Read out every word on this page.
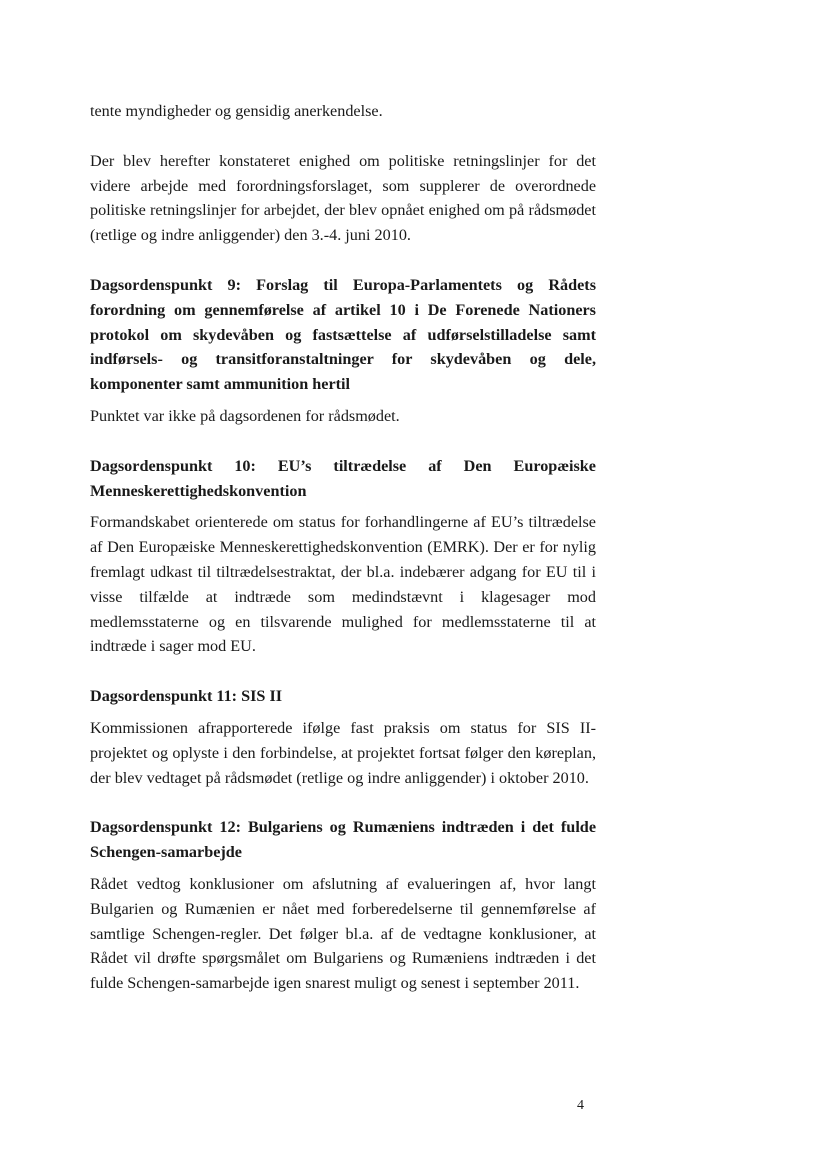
tente myndigheder og gensidig anerkendelse.

Der blev herefter konstateret enighed om politiske retningslinjer for det videre arbejde med forordningsforslaget, som supplerer de overordnede politiske retningslinjer for arbejdet, der blev opnået enighed om på rådsmødet (retlige og indre anliggender) den 3.-4. juni 2010.

Dagsordenspunkt 9: Forslag til Europa-Parlamentets og Rådets forordning om gennemførelse af artikel 10 i De Forenede Nationers protokol om skydevåben og fastsættelse af udførselstilladelse samt indførsels- og transitforanstaltninger for skydevåben og dele, komponenter samt ammunition hertil

Punktet var ikke på dagsordenen for rådsmødet.

Dagsordenspunkt 10: EU’s tiltrædelse af Den Europæiske Menneskerettighedskonvention

Formandskabet orienterede om status for forhandlingerne af EU’s tiltrædelse af Den Europæiske Menneskerettighedskonvention (EMRK). Der er for nylig fremlagt udkast til tiltrædelsestraktat, der bl.a. indebærer adgang for EU til i visse tilfælde at indtræde som medindstævnt i klagesager mod medlemsstaterne og en tilsvarende mulighed for medlemsstaterne til at indtræde i sager mod EU.

Dagsordenspunkt 11: SIS II

Kommissionen afrapporterede ifølge fast praksis om status for SIS II-projektet og oplyste i den forbindelse, at projektet fortsat følger den køreplan, der blev vedtaget på rådsmødet (retlige og indre anliggender) i oktober 2010.

Dagsordenspunkt 12: Bulgariens og Rumæniens indtræden i det fulde Schengen-samarbejde

Rådet vedtog konklusioner om afslutning af evalueringen af, hvor langt Bulgarien og Rumænien er nået med forberedelserne til gennemførelse af samtlige Schengen-regler. Det følger bl.a. af de vedtagne konklusioner, at Rådet vil drøfte spørgsmålet om Bulgariens og Rumæniens indtræden i det fulde Schengen-samarbejde igen snarest muligt og senest i september 2011.

4
